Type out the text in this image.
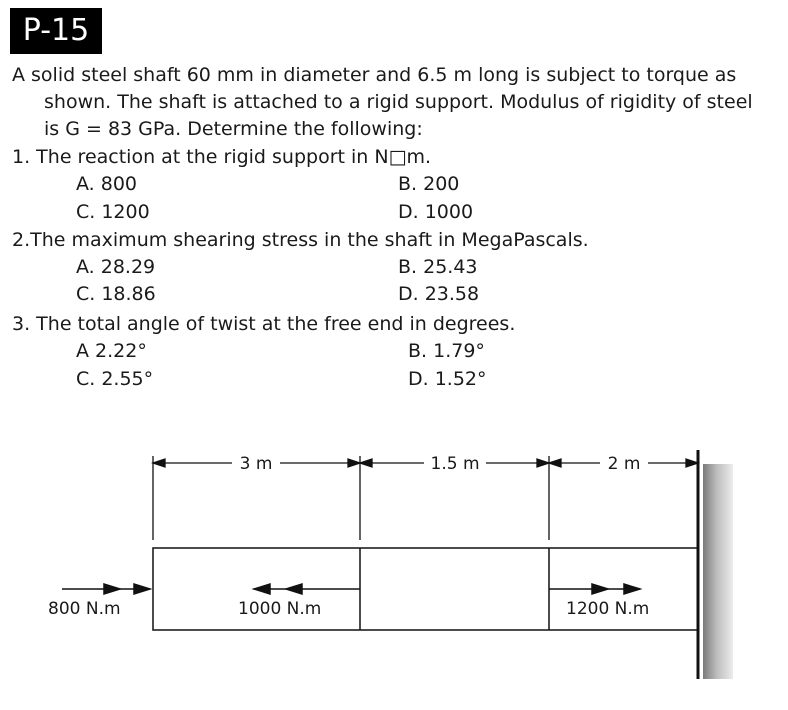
P-15
A solid steel shaft 60 mm in diameter and 6.5 m long is subject to torque as
shown. The shaft is attached to a rigid support. Modulus of rigidity of steel
is G = 83 GPa. Determine the following:
1. The reaction at the rigid support in N□m.
A. 800	B. 200
C. 1200	D. 1000
2.The maximum shearing stress in the shaft in MegaPascals.
A. 28.29	B. 25.43
C. 18.86	D. 23.58
3. The total angle of twist at the free end in degrees.
A 2.22°	B. 1.79°
C. 2.55°	D. 1.52°
3 m	1.5 m	2 m
800 N.m	1000 N.m	1200 N.m
